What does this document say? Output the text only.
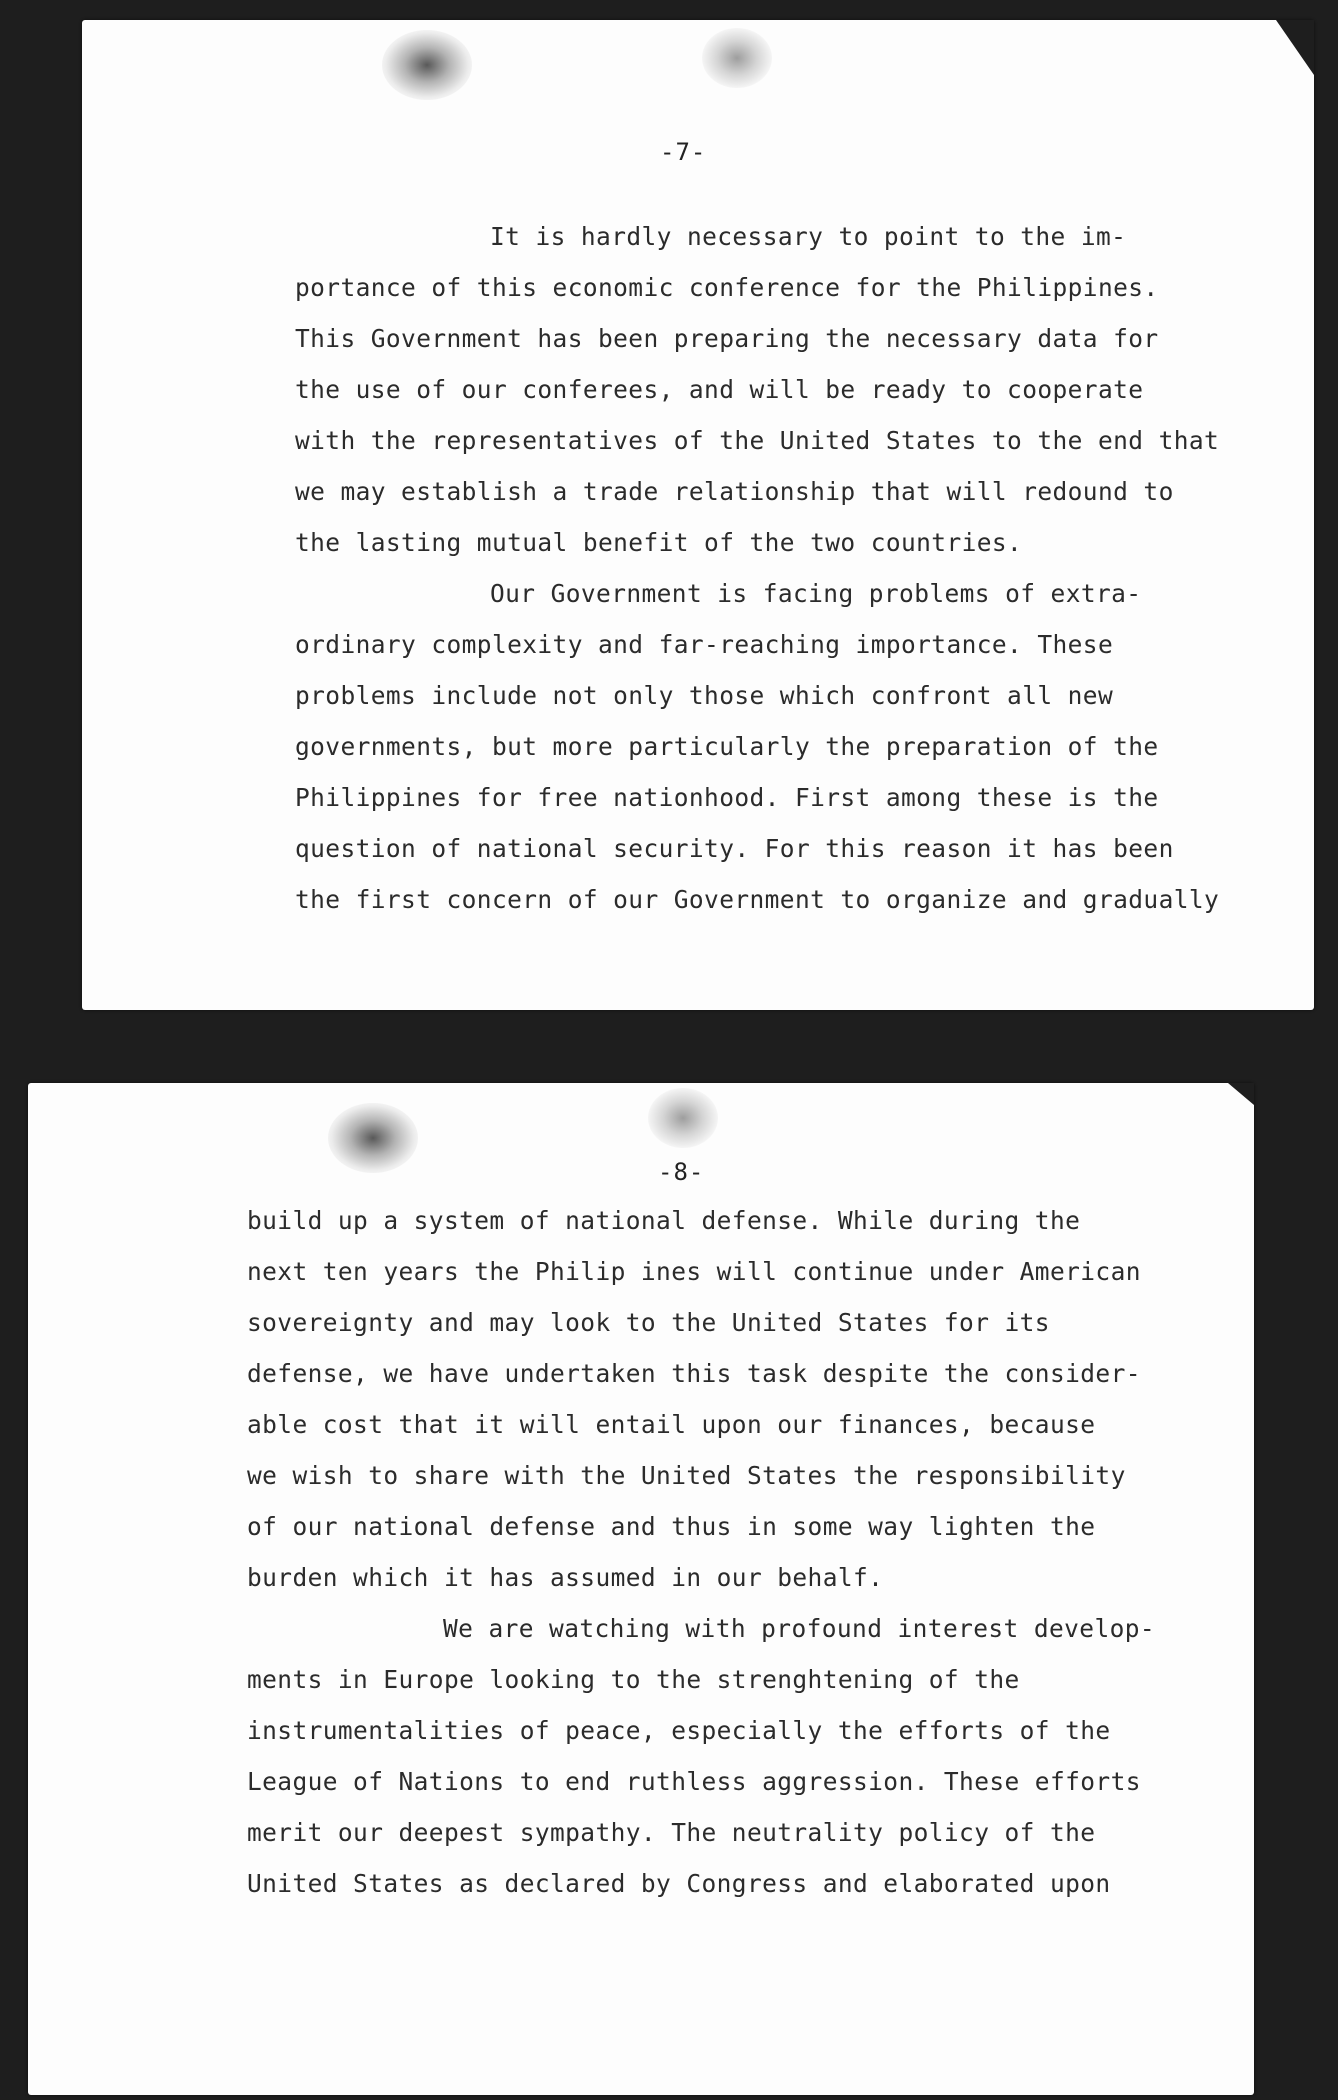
-7-
It is hardly necessary to point to the im-
portance of this economic conference for the Philippines.
This Government has been preparing the necessary data for
the use of our conferees, and will be ready to cooperate
with the representatives of the United States to the end that
we may establish a trade relationship that will redound to
the lasting mutual benefit of the two countries.
Our Government is facing problems of extra-
ordinary complexity and far-reaching importance. These
problems include not only those which confront all new
governments, but more particularly the preparation of the
Philippines for free nationhood. First among these is the
question of national security. For this reason it has been
the first concern of our Government to organize and gradually
-8-
build up a system of national defense. While during the
next ten years the Philip ines will continue under American
sovereignty and may look to the United States for its
defense, we have undertaken this task despite the consider-
able cost that it will entail upon our finances, because
we wish to share with the United States the responsibility
of our national defense and thus in some way lighten the
burden which it has assumed in our behalf.
We are watching with profound interest develop-
ments in Europe looking to the strenghtening of the
instrumentalities of peace, especially the efforts of the
League of Nations to end ruthless aggression. These efforts
merit our deepest sympathy. The neutrality policy of the
United States as declared by Congress and elaborated upon
